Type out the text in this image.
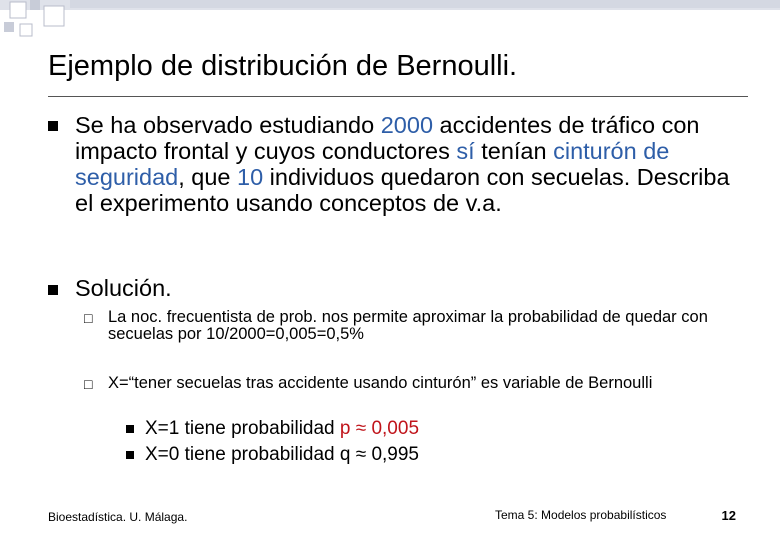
Ejemplo de distribución de Bernoulli.

Se ha observado estudiando 2000 accidentes de tráfico con impacto frontal y cuyos conductores sí tenían cinturón de seguridad, que 10 individuos quedaron con secuelas. Describa el experimento usando conceptos de v.a.

Solución.

□ La noc. frecuentista de prob. nos permite aproximar la probabilidad de quedar con secuelas por 10/2000=0,005=0,5%

□ X=“tener secuelas tras accidente usando cinturón” es variable de Bernoulli

X=1 tiene probabilidad p ≈ 0,005

X=0 tiene probabilidad q ≈ 0,995

Bioestadística. U. Málaga.	Tema 5: Modelos probabilísticos	12
